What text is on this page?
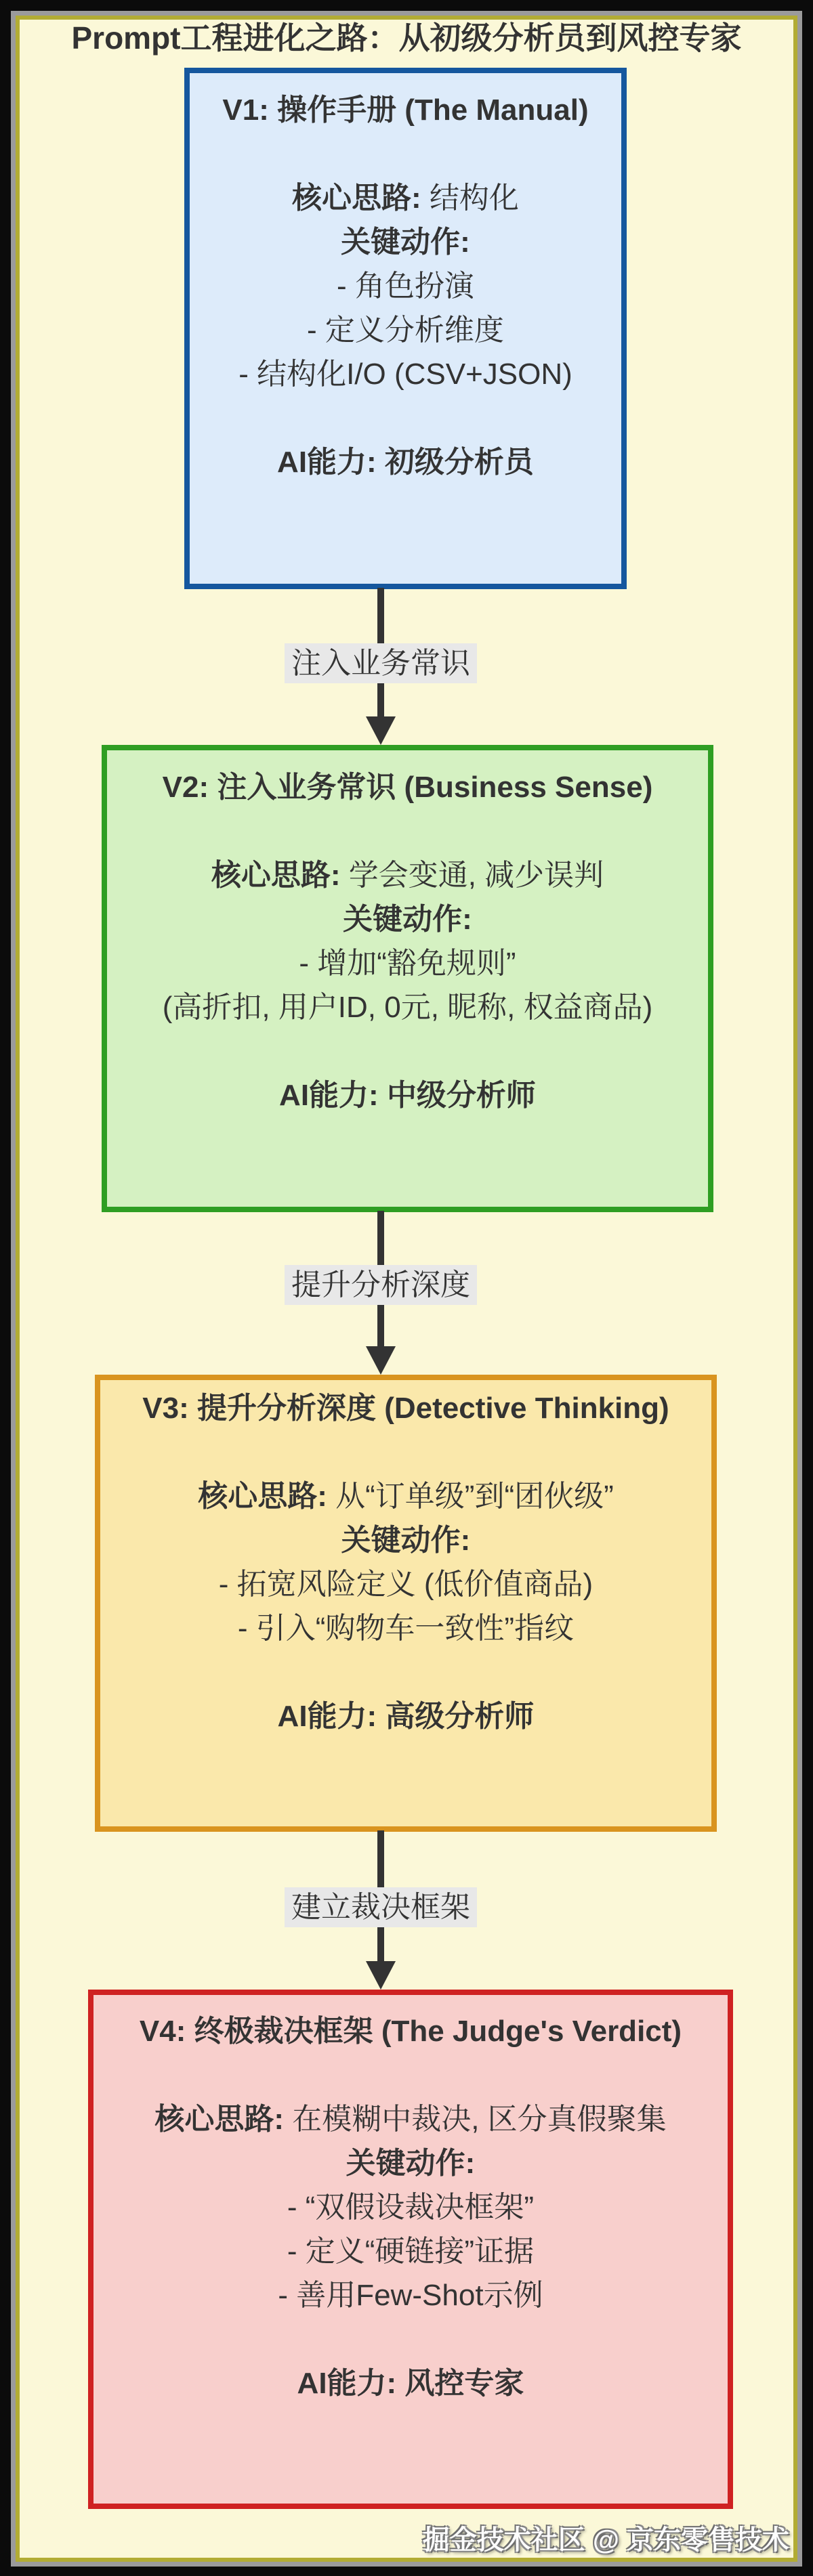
Prompt工程进化之路：从初级分析员到风控专家
V1: 操作手册 (The Manual)
核心思路: 结构化
关键动作:
- 角色扮演
- 定义分析维度
- 结构化I/O (CSV+JSON)
AI能力: 初级分析员
注入业务常识
V2: 注入业务常识 (Business Sense)
核心思路: 学会变通, 减少误判
关键动作:
- 增加“豁免规则”
(高折扣, 用户ID, 0元, 昵称, 权益商品)
AI能力: 中级分析师
提升分析深度
V3: 提升分析深度 (Detective Thinking)
核心思路: 从“订单级”到“团伙级”
关键动作:
- 拓宽风险定义 (低价值商品)
- 引入“购物车一致性”指纹
AI能力: 高级分析师
建立裁决框架
V4: 终极裁决框架 (The Judge's Verdict)
核心思路: 在模糊中裁决, 区分真假聚集
关键动作:
- “双假设裁决框架”
- 定义“硬链接”证据
- 善用Few-Shot示例
AI能力: 风控专家
掘金技术社区 @ 京东零售技术
